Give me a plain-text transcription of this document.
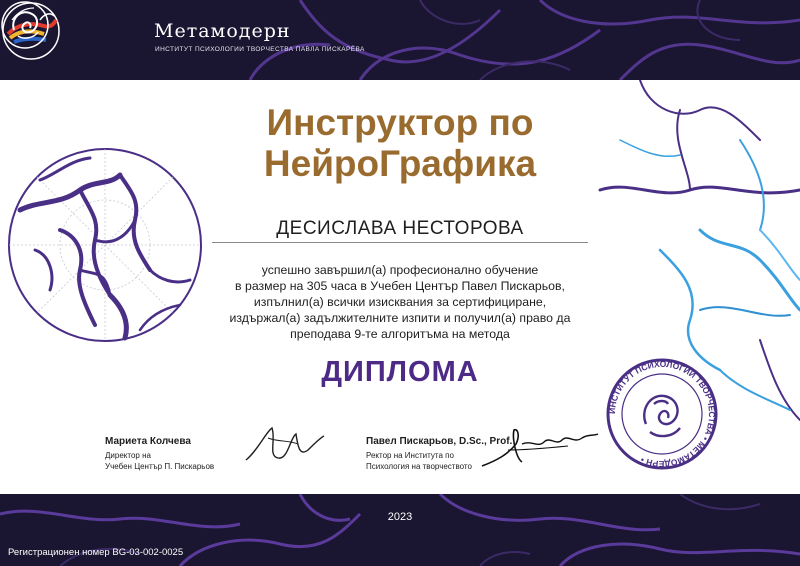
Метамодерн
ИНСТИТУТ ПСИХОЛОГИИ ТВОРЧЕСТВА ПАВЛА ПИСКАРЁВА
Инструктор по
НейроГрафика
ДЕСИСЛАВА НЕСТОРОВА
успешно завършил(а) професионално обучение
в размер на 305 часа в Учебен Център Павел Пискарьов,
изпълнил(а) всички изисквания за сертифициране,
издържал(а) задължителните изпити и получил(а) право да
преподава 9-те алгоритъма на метода
ДИПЛОМА
Мариета Колчева
Директор на
Учебен Център П. Пискарьов
Павел Пискарьов, D.Sc., Prof.
Ректор на Института по
Психология на творчеството
ИНСТИТУТ ПСИХОЛОГИИ ТВОРЧЕСТВА • МЕТАМОДЕРН •
2023
Регистрационен номер BG-03-002-0025
